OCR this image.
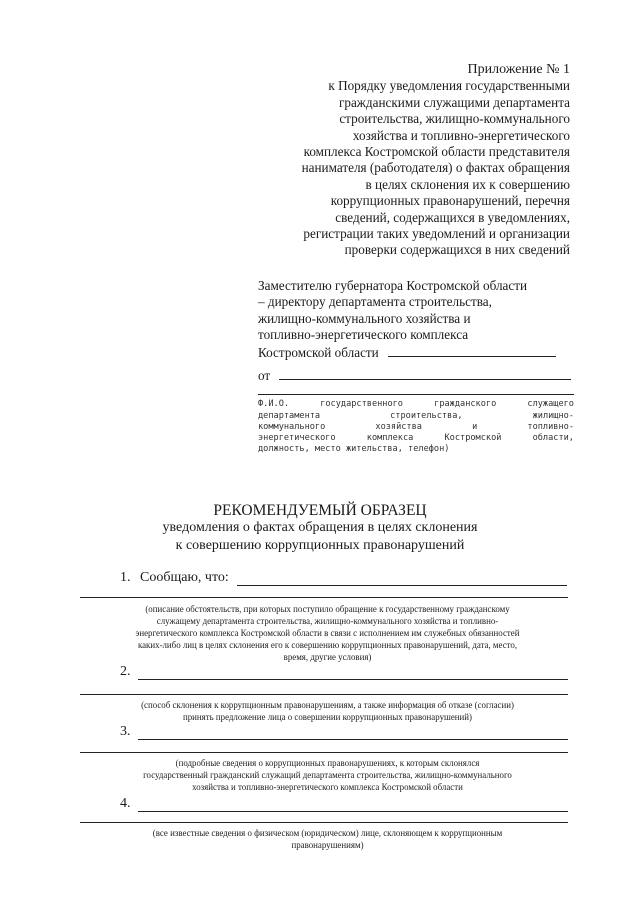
Приложение № 1
к Порядку уведомления государственными
гражданскими служащими департамента
строительства, жилищно-коммунального
хозяйства и топливно-энергетического
комплекса Костромской области представителя
нанимателя (работодателя) о фактах обращения
в целях склонения их к совершению
коррупционных правонарушений, перечня
сведений, содержащихся в уведомлениях,
регистрации таких уведомлений и организации
проверки содержащихся в них сведений
Заместителю губернатора Костромской области
– директору департамента строительства,
жилищно-коммунального хозяйства и
топливно-энергетического комплекса
Костромской области
от
Ф.И.О.	государственного	гражданского	служащего
департамента	строительства,	жилищно-
коммунального	хозяйства	и	топливно-
энергетического	комплекса	Костромской	области,
должность, место жительства, телефон)
РЕКОМЕНДУЕМЫЙ ОБРАЗЕЦ
уведомления о фактах обращения в целях склонения
к совершению коррупционных правонарушений
1. Сообщаю, что:
(описание обстоятельств, при которых поступило обращение к государственному гражданскому
служащему департамента строительства, жилищно-коммунального хозяйства и топливно-
энергетического комплекса Костромской области в связи с исполнением им служебных обязанностей
каких-либо лиц в целях склонения его к совершению коррупционных правонарушений, дата, место,
время, другие условия)
2.
(способ склонения к коррупционным правонарушениям, а также информация об отказе (согласии)
принять предложение лица о совершении коррупционных правонарушений)
3.
(подробные сведения о коррупционных правонарушениях, к которым склонялся
государственный гражданский служащий департамента строительства, жилищно-коммунального
хозяйства и топливно-энергетического комплекса Костромской области
4.
(все известные сведения о физическом (юридическом) лице, склоняющем к коррупционным
правонарушениям)
